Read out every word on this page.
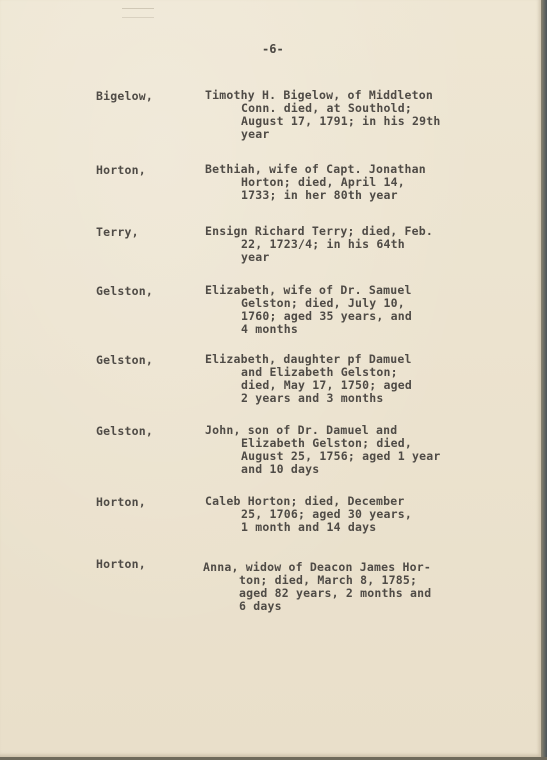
-6-
Bigelow,	Timothy H. Bigelow, of Middleton
Conn. died, at Southold;
August 17, 1791; in his 29th
year
Horton,	Bethiah, wife of Capt. Jonathan
Horton; died, April 14,
1733; in her 80th year
Terry,	Ensign Richard Terry; died, Feb.
22, 1723/4; in his 64th
year
Gelston,	Elizabeth, wife of Dr. Samuel
Gelston; died, July 10,
1760; aged 35 years, and
4 months
Gelston,	Elizabeth, daughter pf Damuel
and Elizabeth Gelston;
died, May 17, 1750; aged
2 years and 3 months
Gelston,	John, son of Dr. Damuel and
Elizabeth Gelston; died,
August 25, 1756; aged 1 year
and 10 days
Horton,	Caleb Horton; died, December
25, 1706; aged 30 years,
1 month and 14 days
Horton,	Anna, widow of Deacon James Hor-
ton; died, March 8, 1785;
aged 82 years, 2 months and
6 days
